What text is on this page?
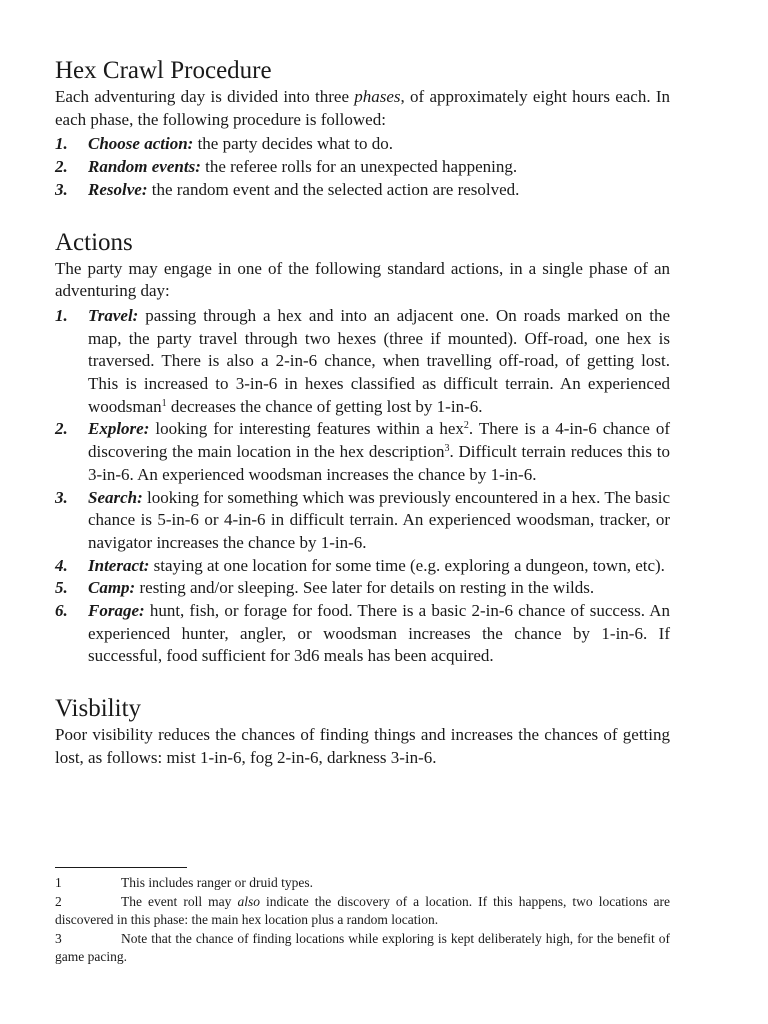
Hex Crawl Procedure

Each adventuring day is divided into three phases, of approximately eight hours each. In each phase, the following procedure is followed:

1. Choose action: the party decides what to do.
2. Random events: the referee rolls for an unexpected happening.
3. Resolve: the random event and the selected action are resolved.
Actions

The party may engage in one of the following standard actions, in a single phase of an adventuring day:

1. Travel: passing through a hex and into an adjacent one. On roads marked on the map, the party travel through two hexes (three if mounted). Off-road, one hex is traversed. There is also a 2-in-6 chance, when travelling off-road, of getting lost. This is increased to 3-in-6 in hexes classified as difficult terrain. An experienced woodsman$^1$ decreases the chance of getting lost by 1-in-6.
2. Explore: looking for interesting features within a hex$^2$. There is a 4-in-6 chance of discovering the main location in the hex description$^3$. Difficult terrain reduces this to 3-in-6. An experienced woodsman increases the chance by 1-in-6.
3. Search: looking for something which was previously encountered in a hex. The basic chance is 5-in-6 or 4-in-6 in difficult terrain. An experienced woodsman, tracker, or navigator increases the chance by 1-in-6.
4. Interact: staying at one location for some time (e.g. exploring a dungeon, town, etc).
5. Camp: resting and/or sleeping. See later for details on resting in the wilds.
6. Forage: hunt, fish, or forage for food. There is a basic 2-in-6 chance of success. An experienced hunter, angler, or woodsman increases the chance by 1-in-6. If successful, food sufficient for 3d6 meals has been acquired.
Visbility

Poor visibility reduces the chances of finding things and increases the chances of getting lost, as follows: mist 1-in-6, fog 2-in-6, darkness 3-in-6.

1	This includes ranger or druid types.
2	The event roll may also indicate the discovery of a location. If this happens, two locations are discovered in this phase: the main hex location plus a random location.
3	Note that the chance of finding locations while exploring is kept deliberately high, for the benefit of game pacing.
